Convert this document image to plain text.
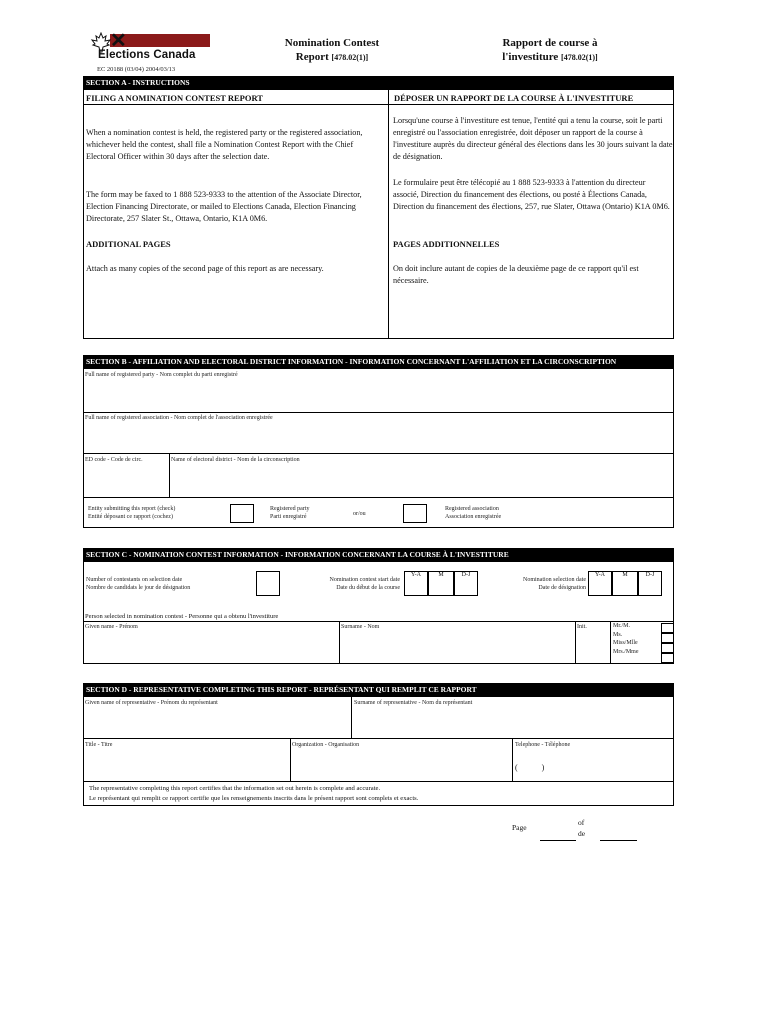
✕
Elections Canada
Nomination Contest
Report [478.02(1)]
Rapport de course à
l'investiture [478.02(1)]
EC 20188 (03/04) 2004/03/13
SECTION A - INSTRUCTIONS
FILING A NOMINATION CONTEST REPORT
When a nomination contest is held, the registered party or the registered association, whichever held the contest, shall file a Nomination Contest Report with the Chief Electoral Officer within 30 days after the selection date.
The form may be faxed to 1 888 523-9333 to the attention of the Associate Director, Election Financing Directorate, or mailed to Elections Canada, Election Financing Directorate, 257 Slater St., Ottawa, Ontario, K1A 0M6.
ADDITIONAL PAGES
Attach as many copies of the second page of this report as are necessary.
DÉPOSER UN RAPPORT DE LA COURSE À L'INVESTITURE
Lorsqu'une course à l'investiture est tenue, l'entité qui a tenu la course, soit le parti enregistré ou l'association enregistrée, doit déposer un rapport de la course à l'investiture auprès du directeur général des élections dans les 30 jours suivant la date de désignation.
Le formulaire peut être télécopié au 1 888 523-9333 à l'attention du directeur associé, Direction du financement des élections, ou posté à Élections Canada, Direction du financement des élections, 257, rue Slater, Ottawa (Ontario) K1A 0M6.
PAGES ADDITIONNELLES
On doit inclure autant de copies de la deuxième page de ce rapport qu'il est nécessaire.
SECTION B - AFFILIATION AND ELECTORAL DISTRICT INFORMATION - INFORMATION CONCERNANT L'AFFILIATION ET LA CIRCONSCRIPTION
Full name of registered party - Nom complet du parti enregistré
Full name of registered association - Nom complet de l'association enregistrée
ED code - Code de circ.	Name of electoral district - Nom de la circonscription
Entity submitting this report (check)
Entité déposant ce rapport (cochez)
Registered party
Parti enregistré	or/ou
Registered association
Association enregistrée
SECTION C - NOMINATION CONTEST INFORMATION - INFORMATION CONCERNANT LA COURSE À L'INVESTITURE
Number of contestants on selection date
Nombre de candidats le jour de désignation
Nomination contest start date
Date du début de la course
Y-A	M	D-J
Nomination selection date
Date de désignation
Y-A	M	D-J
Person selected in nomination contest - Personne qui a obtenu l'investiture
Given name - Prénom	Surname - Nom	Init.	Mr./M.
Ms.
Miss/Mlle
Mrs./Mme
SECTION D - REPRESENTATIVE COMPLETING THIS REPORT - REPRÉSENTANT QUI REMPLIT CE RAPPORT
Given name of representative - Prénom du représentant	Surname of representative - Nom du représentant
Title - Titre	Organization - Organisation	Telephone - Téléphone
(	)
The representative completing this report certifies that the information set out herein is complete and accurate.
Le représentant qui remplit ce rapport certifie que les renseignements inscrits dans le présent rapport sont complets et exacts.
Page
of
de
